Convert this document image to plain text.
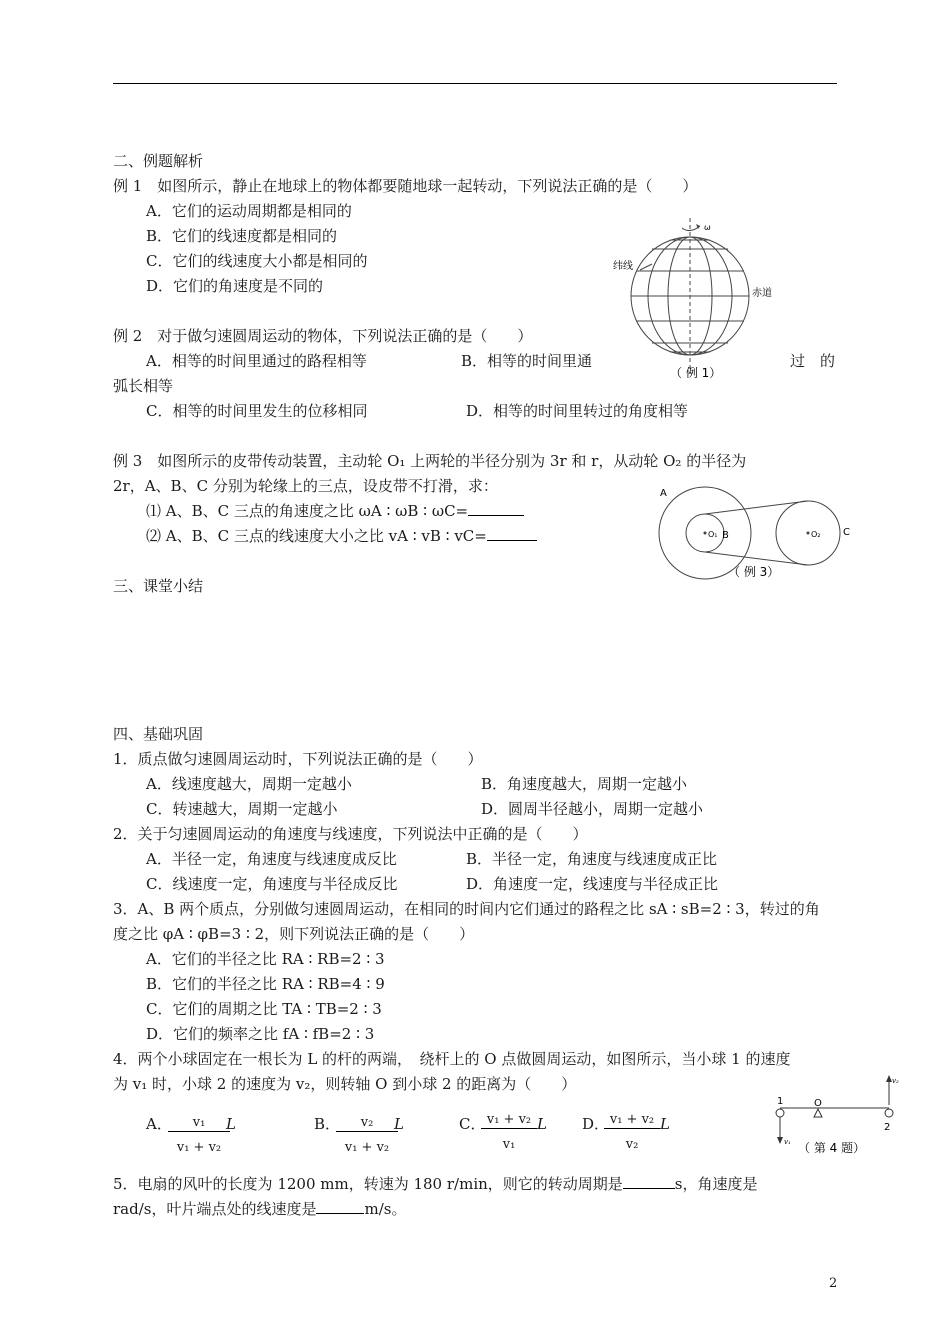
二、例题解析
例 1　如图所示，静止在地球上的物体都要随地球一起转动，下列说法正确的是（　　）
A．它们的运动周期都是相同的
B．它们的线速度都是相同的
C．它们的线速度大小都是相同的
D．它们的角速度是不同的
ω
纬线
赤道
（ 例 1）
例 2　对于做匀速圆周运动的物体，下列说法正确的是（　　）
A．相等的时间里通过的路程相等	B．相等的时间里通	过　的
弧长相等
C．相等的时间里发生的位移相同	D．相等的时间里转过的角度相等
例 3　如图所示的皮带传动装置，主动轮 O₁ 上两轮的半径分别为 3r 和 r，从动轮 O₂ 的半径为
2r，A、B、C 分别为轮缘上的三点，设皮带不打滑，求：
⑴ A、B、C 三点的角速度之比 ωA ∶ ωB ∶ ωC=
⑵ A、B、C 三点的线速度大小之比 vA ∶ vB ∶ vC=
A
B	C
O₁	O₂
（ 例 3）
三、课堂小结
四、基础巩固
1．质点做匀速圆周运动时，下列说法正确的是（　　）
A．线速度越大，周期一定越小	B．角速度越大，周期一定越小
C．转速越大，周期一定越小	D．圆周半径越小，周期一定越小
2．关于匀速圆周运动的角速度与线速度，下列说法中正确的是（　　）
A．半径一定，角速度与线速度成反比	B．半径一定，角速度与线速度成正比
C．线速度一定，角速度与半径成反比	D．角速度一定，线速度与半径成正比
3．A、B 两个质点，分别做匀速圆周运动，在相同的时间内它们通过的路程之比 sA ∶ sB=2 ∶ 3，转过的角
度之比 φA ∶ φB=3 ∶ 2，则下列说法正确的是（　　）
A．它们的半径之比 RA ∶ RB=2 ∶ 3
B．它们的半径之比 RA ∶ RB=4 ∶ 9
C．它们的周期之比 TA ∶ TB=2 ∶ 3
D．它们的频率之比 fA ∶ fB=2 ∶ 3
4．两个小球固定在一根长为 L 的杆的两端，　绕杆上的 O 点做圆周运动，如图所示，当小球 1 的速度
为 v₁ 时，小球 2 的速度为 v₂，则转轴 O 到小球 2 的距离为（　　）
A．
$\frac{\text{v₁}}{\text{v₁ + v₂}}$
L	B．
$\frac{\text{v₂}}{\text{v₁ + v₂}}$
L	C．
$\frac{\text{v₁ + v₂}}{\text{v₁}}$ L D．
$\frac{\text{v₁ + v₂}}{\text{v₂}}$ L
1
2
O
v₁
v₂
（ 第 4 题）
5．电扇的风叶的长度为 1200 mm，转速为 180 r/min，则它的转动周期是	s，角速度是
rad/s，叶片端点处的线速度是	m/s。
2
